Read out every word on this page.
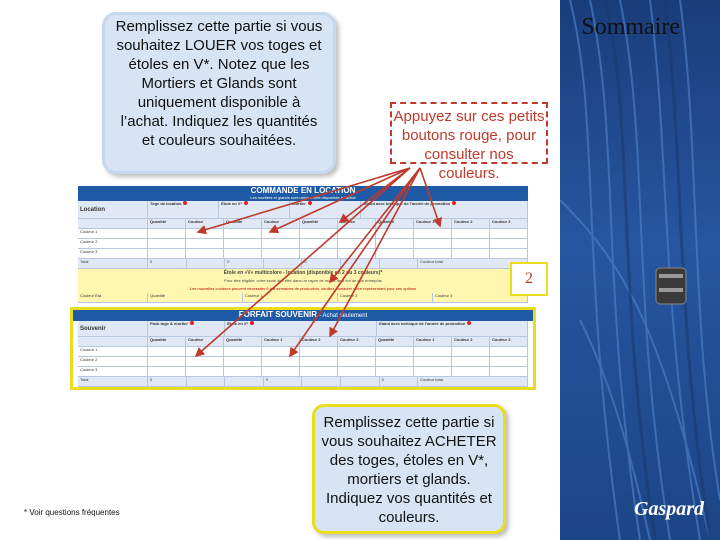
Sommaire
Gaspard
COMMANDE EN LOCATION
Les mortiers et glands sont uniquement disponible à l’achat
Location
Toge de location	Étole en V*	Mortier	Gland avec breloque de l’année de promotion
Quantité	Couleur	Quantité	Couleur	Quantité	Couleur	Quantité	Couleur 1	Couleur 2	Couleur 3
Couleur 1
Couleur 2
Couleur 3
Total	0	0	0	Couleur total
Étole en «V» multicolore - location (disponible en 2 ou 3 couleurs)*
Pour être éligible, votre école doit être dans un rayon de moins de 3 km de nos entrepôts
Les nouvelles couleurs peuvent nécessiter 6 à 8 semaines de production, veuillez contacter votre représentant pour ces options
Couleur Éta	Quantité	Couleur 1	Couleur 2	Couleur 3
FORFAIT SOUVENIR - Achat seulement
Souvenir
Pack toge & mortier	Étole en V*	Gland avec breloque de l’année de promotion
Quantité	Couleur	Quantité	Couleur 1	Couleur 2	Couleur 3	Quantité	Couleur 1	Couleur 2	Couleur 3
Couleur 1
Couleur 2
Couleur 3
Total	0	0	0	Couleur total
Remplissez cette partie si vous souhaitez LOUER vos toges et étoles en V*. Notez que les Mortiers et Glands sont uniquement disponible à l’achat. Indiquez les quantités et couleurs souhaitées.
Appuyez sur ces petits boutons rouge, pour consulter nos couleurs.
2
Remplissez cette partie si vous souhaitez ACHETER des toges, étoles en V*, mortiers et glands. Indiquez vos quantités et couleurs.
* Voir questions fréquentes
